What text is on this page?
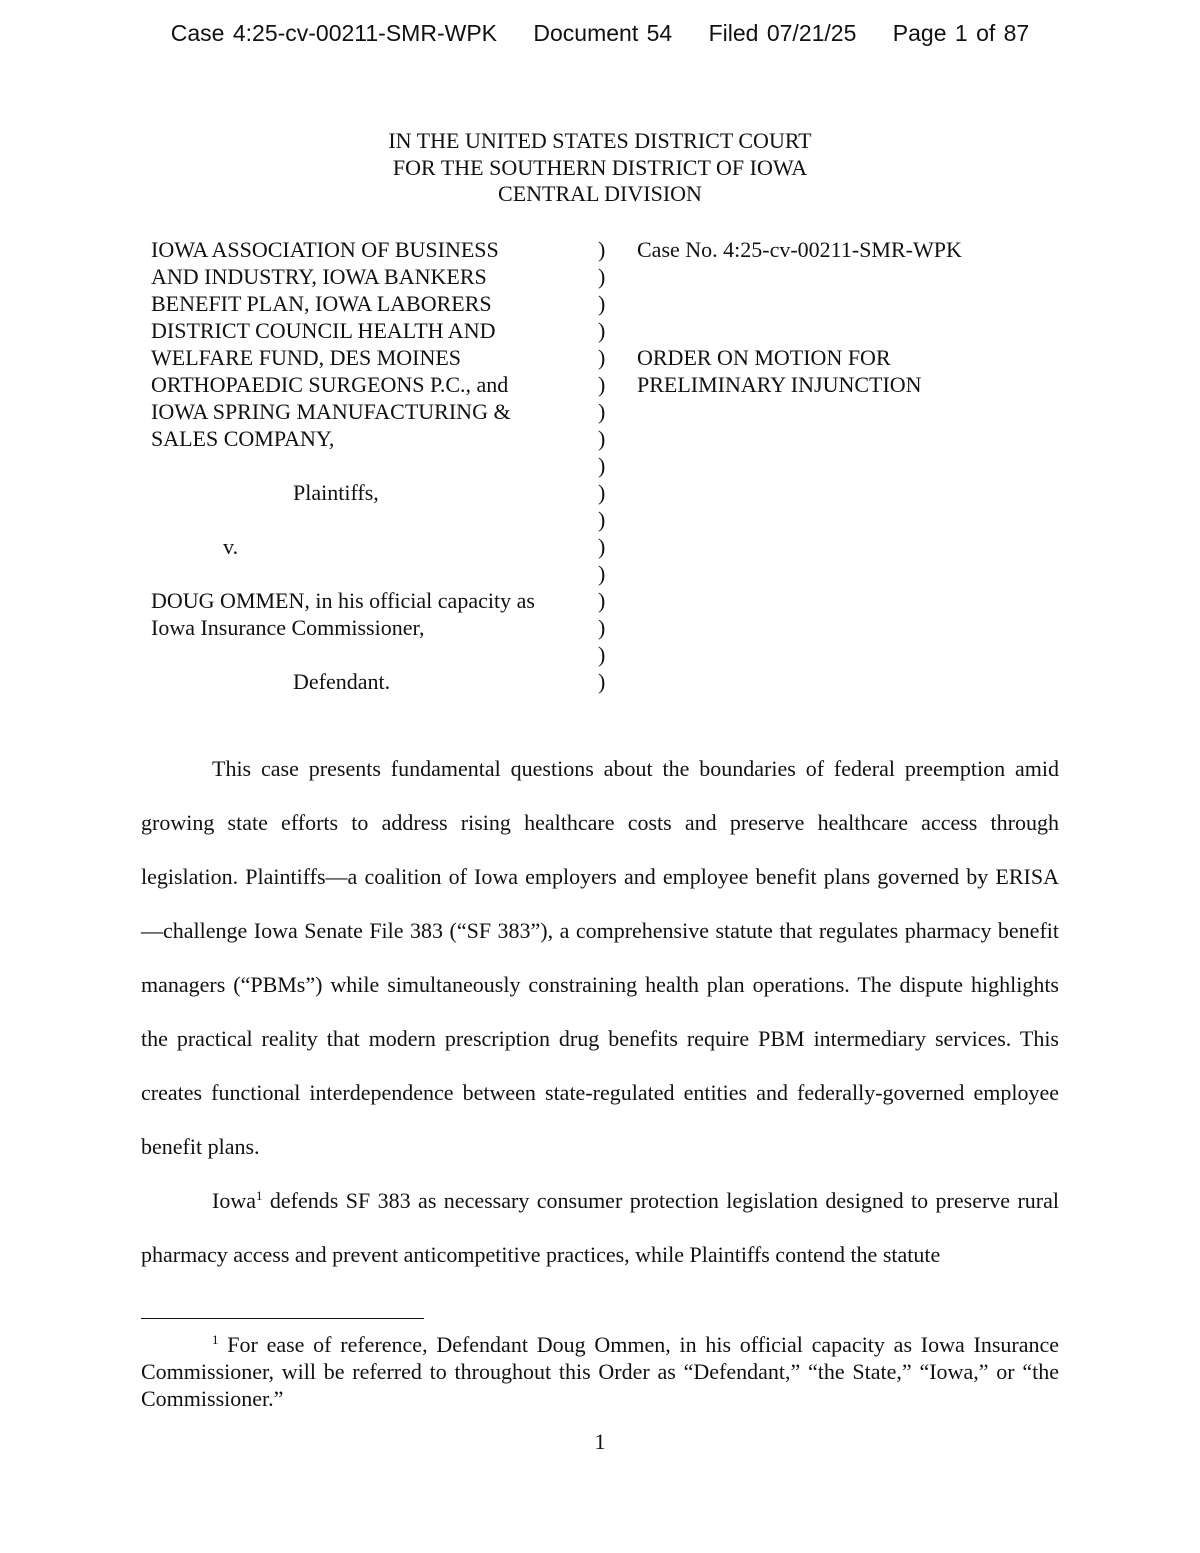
Case 4:25-cv-00211-SMR-WPK Document 54 Filed 07/21/25 Page 1 of 87
IN THE UNITED STATES DISTRICT COURT
FOR THE SOUTHERN DISTRICT OF IOWA
CENTRAL DIVISION
IOWA ASSOCIATION OF BUSINESS
AND INDUSTRY, IOWA BANKERS
BENEFIT PLAN, IOWA LABORERS
DISTRICT COUNCIL HEALTH AND
WELFARE FUND, DES MOINES
ORTHOPAEDIC SURGEONS P.C., and
IOWA SPRING MANUFACTURING &
SALES COMPANY,
Plaintiffs,
v.
DOUG OMMEN, in his official capacity as
Iowa Insurance Commissioner,
Defendant.
)
)
)
)
)
)
)
)
)
)
)
)
)
)
)
)
)
Case No. 4:25-cv-00211-SMR-WPK
ORDER ON MOTION FOR
PRELIMINARY INJUNCTION

This case presents fundamental questions about the boundaries of federal preemption amid growing state efforts to address rising healthcare costs and preserve healthcare access through legislation. Plaintiffs—a coalition of Iowa employers and employee benefit plans governed by ERISA—challenge Iowa Senate File 383 (“SF 383”), a comprehensive statute that regulates pharmacy benefit managers (“PBMs”) while simultaneously constraining health plan operations. The dispute highlights the practical reality that modern prescription drug benefits require PBM intermediary services. This creates functional interdependence between state-regulated entities and federally-governed employee benefit plans.

Iowa$^1$ defends SF 383 as necessary consumer protection legislation designed to preserve rural pharmacy access and prevent anticompetitive practices, while Plaintiffs contend the statute

$^1$ For ease of reference, Defendant Doug Ommen, in his official capacity as Iowa Insurance Commissioner, will be referred to throughout this Order as “Defendant,” “the State,” “Iowa,” or “the Commissioner.”

1
